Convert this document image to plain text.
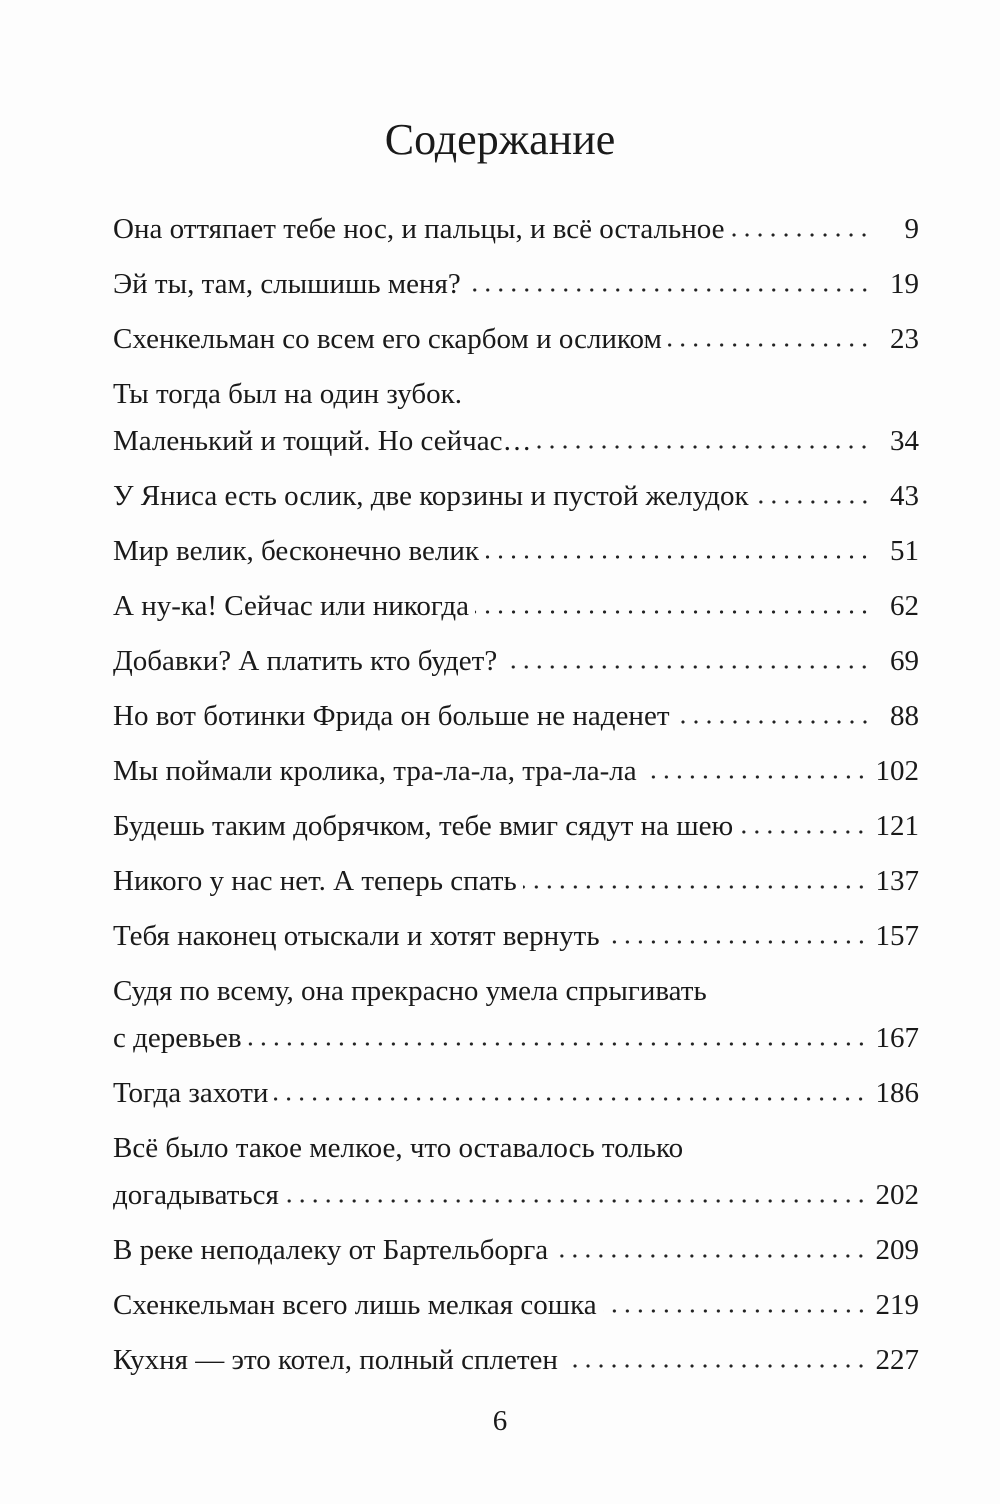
Содержание
Она оттяпает тебе нос, и пальцы, и всё остальное	9
Эй ты, там, слышишь меня?	19
Схенкельман со всем его скарбом и осликом	23
Ты тогда был на один зубок.
Маленький и тощий. Но сейчас…	34
У Яниса есть ослик, две корзины и пустой желудок	43
Мир велик, бесконечно велик	51
А ну-ка! Сейчас или никогда	62
Добавки? А платить кто будет?	69
Но вот ботинки Фрида он больше не наденет	88
Мы поймали кролика, тра-ла-ла, тра-ла-ла	102
Будешь таким добрячком, тебе вмиг сядут на шею	121
Никого у нас нет. А теперь спать	137
Тебя наконец отыскали и хотят вернуть	157
Судя по всему, она прекрасно умела спрыгивать
с деревьев	167
Тогда захоти	186
Всё было такое мелкое, что оставалось только
догадываться	202
В реке неподалеку от Бартельборга	209
Схенкельман всего лишь мелкая сошка	219
Кухня — это котел, полный сплетен	227
6
